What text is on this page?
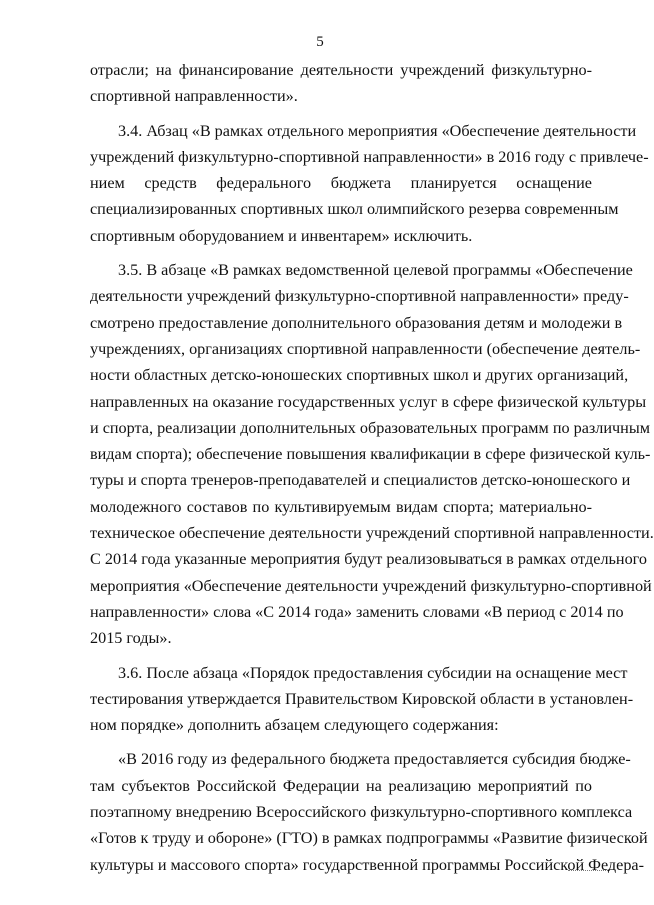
5
отрасли; на финансирование деятельности учреждений физкультурно-
спортивной направленности».
3.4. Абзац «В рамках отдельного мероприятия «Обеспечение деятельности
учреждений физкультурно-спортивной направленности» в 2016 году с привлече-
нием средств федерального бюджета планируется оснащение
специализированных спортивных школ олимпийского резерва современным
спортивным оборудованием и инвентарем» исключить.
3.5. В абзаце «В рамках ведомственной целевой программы «Обеспечение
деятельности учреждений физкультурно-спортивной направленности» преду-
смотрено предоставление дополнительного образования детям и молодежи в
учреждениях, организациях спортивной направленности (обеспечение деятель-
ности областных детско-юношеских спортивных школ и других организаций,
направленных на оказание государственных услуг в сфере физической культуры
и спорта, реализации дополнительных образовательных программ по различным
видам спорта); обеспечение повышения квалификации в сфере физической куль-
туры и спорта тренеров-преподавателей и специалистов детско-юношеского и
молодежного составов по культивируемым видам спорта; материально-
техническое обеспечение деятельности учреждений спортивной направленности.
С 2014 года указанные мероприятия будут реализовываться в рамках отдельного
мероприятия «Обеспечение деятельности учреждений физкультурно-спортивной
направленности» слова «С 2014 года» заменить словами «В период с 2014 по
2015 годы».
3.6. После абзаца «Порядок предоставления субсидии на оснащение мест
тестирования утверждается Правительством Кировской области в установлен-
ном порядке» дополнить абзацем следующего содержания:
«В 2016 году из федерального бюджета предоставляется субсидия бюдже-
там субъектов Российской Федерации на реализацию мероприятий по
поэтапному внедрению Всероссийского физкультурно-спортивного комплекса
«Готов к труду и обороне» (ГТО) в рамках подпрограммы «Развитие физической
культуры и массового спорта» государственной программы Российской Федера-
